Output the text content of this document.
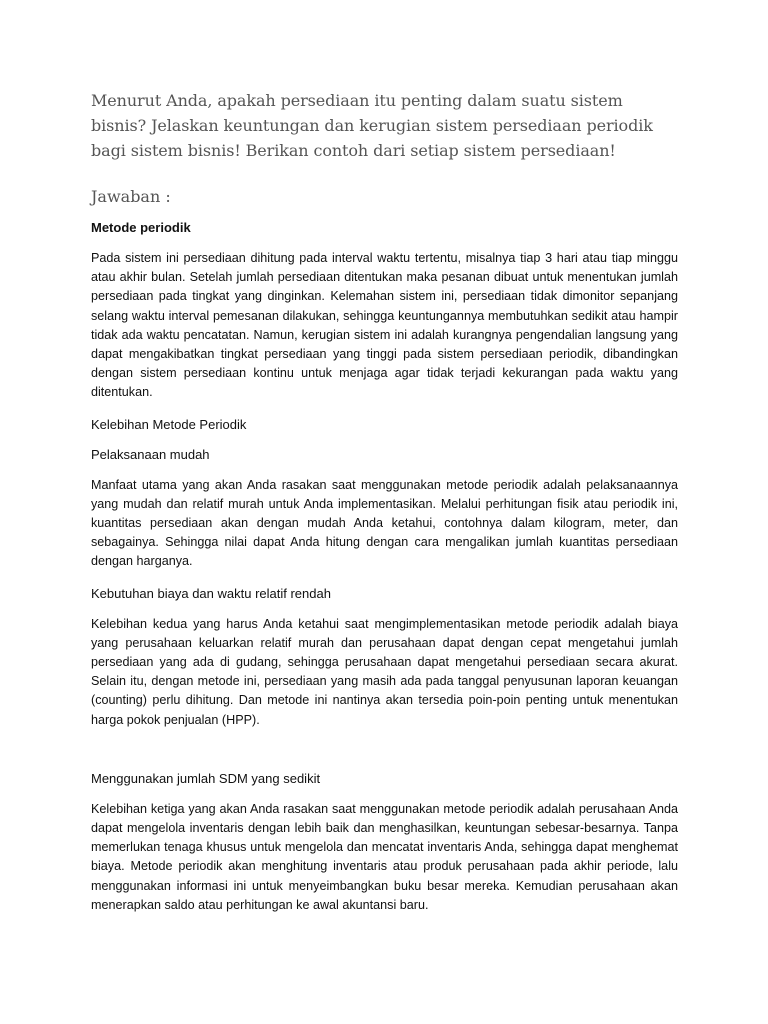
Menurut Anda, apakah persediaan itu penting dalam suatu sistem bisnis? Jelaskan keuntungan dan kerugian sistem persediaan periodik bagi sistem bisnis! Berikan contoh dari setiap sistem persediaan!

Jawaban :

Metode periodik

Pada sistem ini persediaan dihitung pada interval waktu tertentu, misalnya tiap 3 hari atau tiap minggu atau akhir bulan. Setelah jumlah persediaan ditentukan maka pesanan dibuat untuk menentukan jumlah persediaan pada tingkat yang dinginkan. Kelemahan sistem ini, persediaan tidak dimonitor sepanjang selang waktu interval pemesanan dilakukan, sehingga keuntungannya membutuhkan sedikit atau hampir tidak ada waktu pencatatan. Namun, kerugian sistem ini adalah kurangnya pengendalian langsung yang dapat mengakibatkan tingkat persediaan yang tinggi pada sistem persediaan periodik, dibandingkan dengan sistem persediaan kontinu untuk menjaga agar tidak terjadi kekurangan pada waktu yang ditentukan.

Kelebihan Metode Periodik

Pelaksanaan mudah

Manfaat utama yang akan Anda rasakan saat menggunakan metode periodik adalah pelaksanaannya yang mudah dan relatif murah untuk Anda implementasikan. Melalui perhitungan fisik atau periodik ini, kuantitas persediaan akan dengan mudah Anda ketahui, contohnya dalam kilogram, meter, dan sebagainya. Sehingga nilai dapat Anda hitung dengan cara mengalikan jumlah kuantitas persediaan dengan harganya.

Kebutuhan biaya dan waktu relatif rendah

Kelebihan kedua yang harus Anda ketahui saat mengimplementasikan metode periodik adalah biaya yang perusahaan keluarkan relatif murah dan perusahaan dapat dengan cepat mengetahui jumlah persediaan yang ada di gudang, sehingga perusahaan dapat mengetahui persediaan secara akurat. Selain itu, dengan metode ini, persediaan yang masih ada pada tanggal penyusunan laporan keuangan (counting) perlu dihitung. Dan metode ini nantinya akan tersedia poin-poin penting untuk menentukan harga pokok penjualan (HPP).

Menggunakan jumlah SDM yang sedikit

Kelebihan ketiga yang akan Anda rasakan saat menggunakan metode periodik adalah perusahaan Anda dapat mengelola inventaris dengan lebih baik dan menghasilkan, keuntungan sebesar-besarnya. Tanpa memerlukan tenaga khusus untuk mengelola dan mencatat inventaris Anda, sehingga dapat menghemat biaya. Metode periodik akan menghitung inventaris atau produk perusahaan pada akhir periode, lalu menggunakan informasi ini untuk menyeimbangkan buku besar mereka. Kemudian perusahaan akan menerapkan saldo atau perhitungan ke awal akuntansi baru.
